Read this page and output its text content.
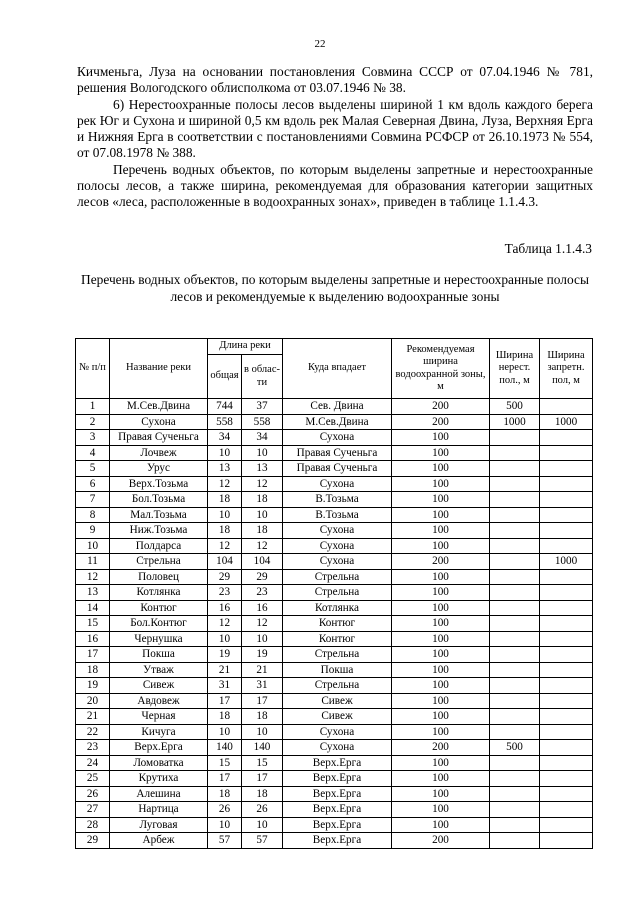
22

Кичменьга, Луза на основании постановления Совмина СССР от 07.04.1946 № 781, решения Вологодского облисполкома от 03.07.1946 № 38.

6) Нерестоохранные полосы лесов выделены шириной 1 км вдоль каждого берега рек Юг и Сухона и шириной 0,5 км вдоль рек Малая Северная Двина, Луза, Верхняя Ерга и Нижняя Ерга в соответствии с постановлениями Совмина РСФСР от 26.10.1973 № 554, от 07.08.1978 № 388.

Перечень водных объектов, по которым выделены запретные и нерестоохранные полосы лесов, а также ширина, рекомендуемая для образования категории защитных лесов «леса, расположенные в водоохранных зонах», приведен в таблице 1.1.4.3.

Таблица 1.1.4.3
Перечень водных объектов, по которым выделены запретные и нерестоохранные полосы лесов и рекомендуемые к выделению водоохранные зоны
№ п/п	Название реки	Длина реки		Куда впадает	Рекомендуемая ширина водоохранной зоны, м	Ширина нерест. пол., м	Ширина запретн. пол, м
		общая	в облас-ти				
1	М.Сев.Двина	744	37	Сев. Двина	200	500	
2	Сухона	558	558	М.Сев.Двина	200	1000	1000
3	Правая Сученьга	34	34	Сухона	100		
4	Лочвеж	10	10	Правая Сученьга	100		
5	Урус	13	13	Правая Сученьга	100		
6	Верх.Тозьма	12	12	Сухона	100		
7	Бол.Тозьма	18	18	В.Тозьма	100		
8	Мал.Тозьма	10	10	В.Тозьма	100		
9	Ниж.Тозьма	18	18	Сухона	100		
10	Полдарса	12	12	Сухона	100		
11	Стрельна	104	104	Сухона	200		1000
12	Половец	29	29	Стрельна	100		
13	Котлянка	23	23	Стрельна	100		
14	Контюг	16	16	Котлянка	100		
15	Бол.Контюг	12	12	Контюг	100		
16	Чернушка	10	10	Контюг	100		
17	Покша	19	19	Стрельна	100		
18	Утваж	21	21	Покша	100		
19	Сивеж	31	31	Стрельна	100		
20	Авдовеж	17	17	Сивеж	100		
21	Черная	18	18	Сивеж	100		
22	Кичуга	10	10	Сухона	100		
23	Верх.Ерга	140	140	Сухона	200	500	
24	Ломоватка	15	15	Верх.Ерга	100		
25	Крутиха	17	17	Верх.Ерга	100		
26	Алешина	18	18	Верх.Ерга	100		
27	Нартица	26	26	Верх.Ерга	100		
28	Луговая	10	10	Верх.Ерга	100		
29	Арбеж	57	57	Верх.Ерга	200		
